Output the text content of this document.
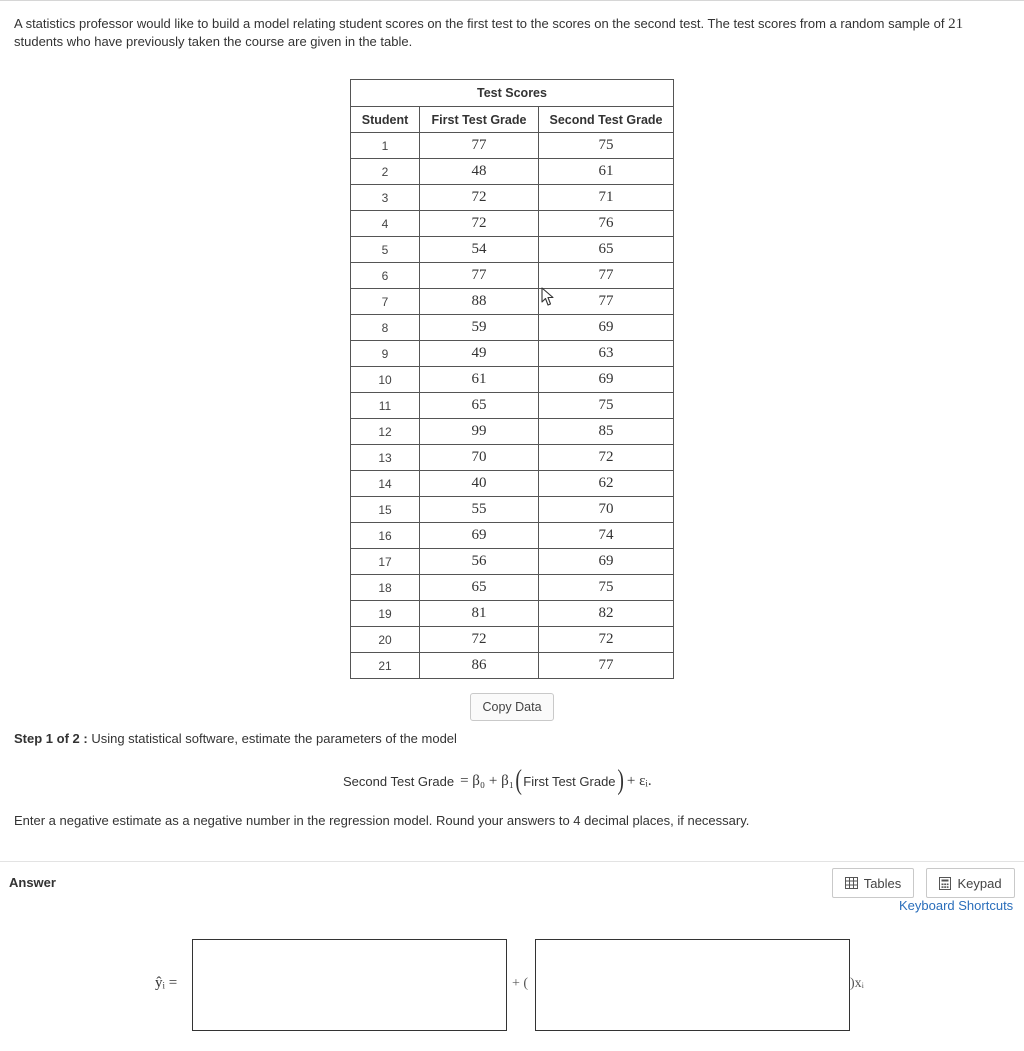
A statistics professor would like to build a model relating student scores on the first test to the scores on the second test. The test scores from a random sample of 21 students who have previously taken the course are given in the table.

Test Scores		
Student	First Test Grade	Second Test Grade
1	77	75
2	48	61
3	72	71
4	72	76
5	54	65
6	77	77
7	88	77
8	59	69
9	49	63
10	61	69
11	65	75
12	99	85
13	70	72
14	40	62
15	55	70
16	69	74
17	56	69
18	65	75
19	81	82
20	72	72
21	86	77
Copy Data
Step 1 of 2 : Using statistical software, estimate the parameters of the model
Second Test Grade = β₀ + β₁ ( First Test Grade ) + εᵢ.
Enter a negative estimate as a negative number in the regression model. Round your answers to 4 decimal places, if necessary.
Answer	Tables	Keypad
Keyboard Shortcuts
ŷᵢ =	+ (	)xᵢ
